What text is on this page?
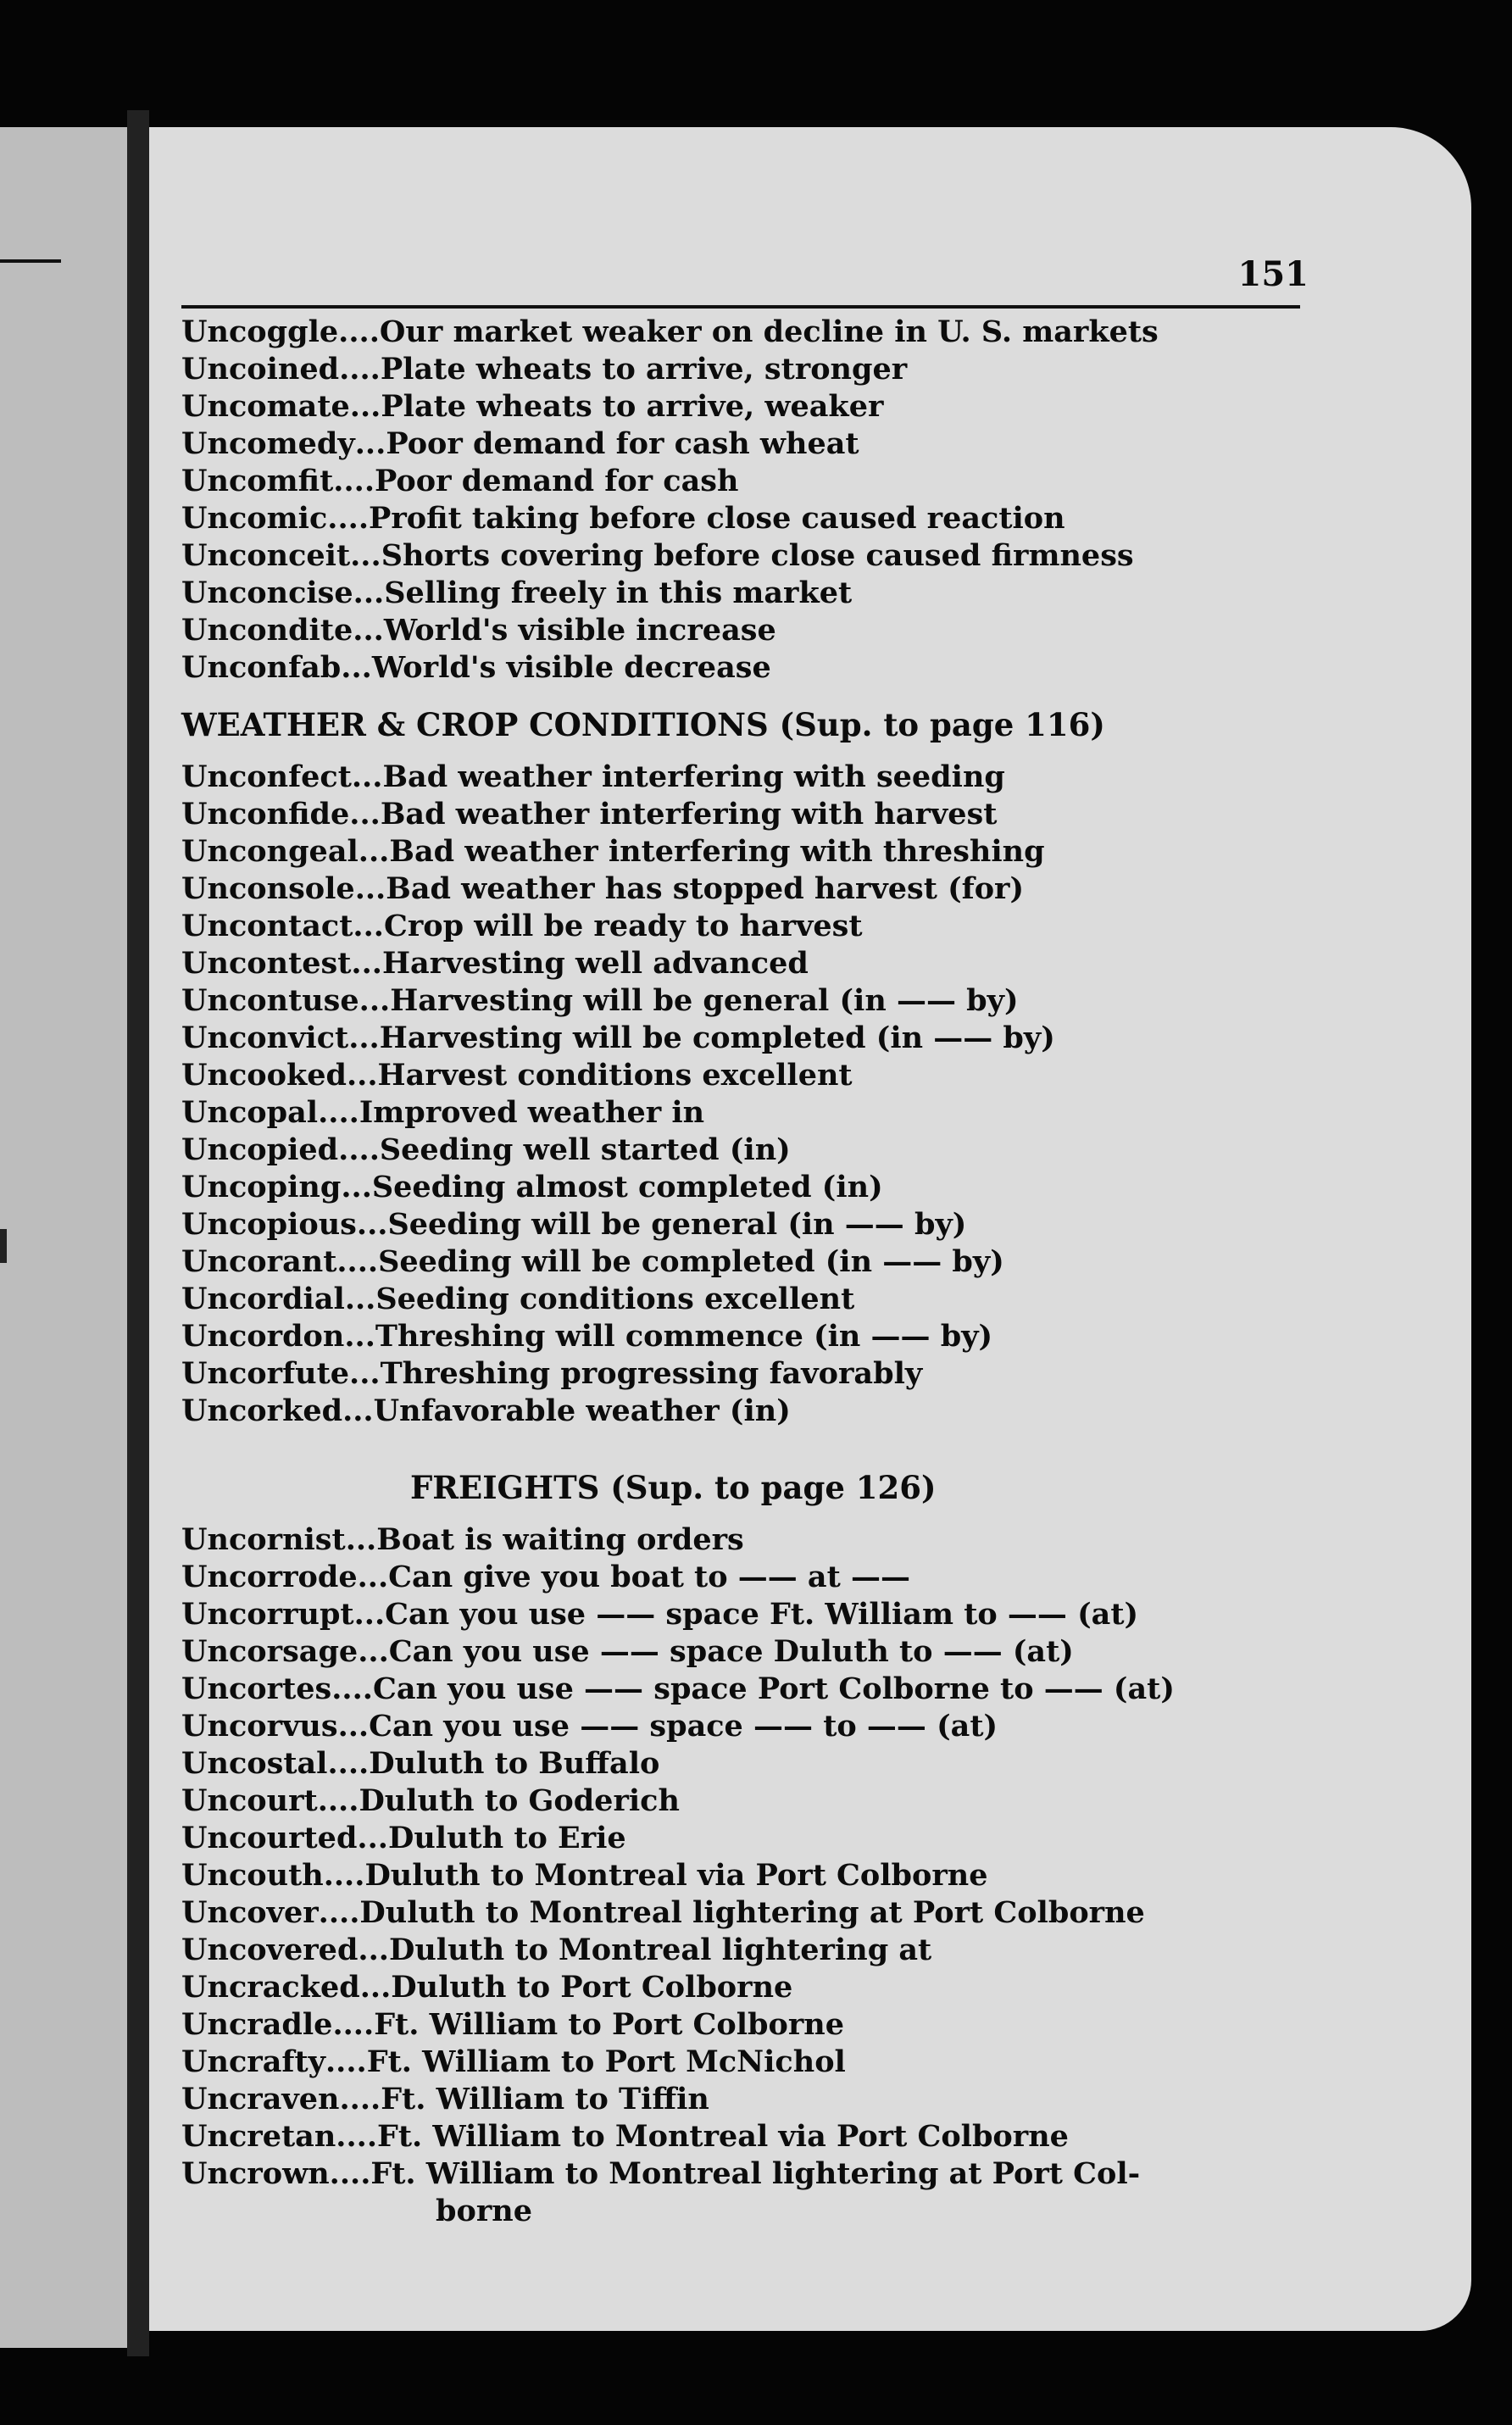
151
Uncoggle....Our market weaker on decline in U. S. markets
Uncoined....Plate wheats to arrive, stronger
Uncomate...Plate wheats to arrive, weaker
Uncomedy...Poor demand for cash wheat
Uncomfit....Poor demand for cash
Uncomic....Profit taking before close caused reaction
Unconceit...Shorts covering before close caused firmness
Unconcise...Selling freely in this market
Uncondite...World's visible increase
Unconfab...World's visible decrease
WEATHER & CROP CONDITIONS (Sup. to page 116)
Unconfect...Bad weather interfering with seeding
Unconfide...Bad weather interfering with harvest
Uncongeal...Bad weather interfering with threshing
Unconsole...Bad weather has stopped harvest (for)
Uncontact...Crop will be ready to harvest
Uncontest...Harvesting well advanced
Uncontuse...Harvesting will be general (in —— by)
Unconvict...Harvesting will be completed (in —— by)
Uncooked...Harvest conditions excellent
Uncopal....Improved weather in
Uncopied....Seeding well started (in)
Uncoping...Seeding almost completed (in)
Uncopious...Seeding will be general (in —— by)
Uncorant....Seeding will be completed (in —— by)
Uncordial...Seeding conditions excellent
Uncordon...Threshing will commence (in —— by)
Uncorfute...Threshing progressing favorably
Uncorked...Unfavorable weather (in)
FREIGHTS (Sup. to page 126)
Uncornist...Boat is waiting orders
Uncorrode...Can give you boat to —— at ——
Uncorrupt...Can you use —— space Ft. William to —— (at)
Uncorsage...Can you use —— space Duluth to —— (at)
Uncortes....Can you use —— space Port Colborne to —— (at)
Uncorvus...Can you use —— space —— to —— (at)
Uncostal....Duluth to Buffalo
Uncourt....Duluth to Goderich
Uncourted...Duluth to Erie
Uncouth....Duluth to Montreal via Port Colborne
Uncover....Duluth to Montreal lightering at Port Colborne
Uncovered...Duluth to Montreal lightering at
Uncracked...Duluth to Port Colborne
Uncradle....Ft. William to Port Colborne
Uncrafty....Ft. William to Port McNichol
Uncraven....Ft. William to Tiffin
Uncretan....Ft. William to Montreal via Port Colborne
Uncrown....Ft. William to Montreal lightering at Port Col-
borne
